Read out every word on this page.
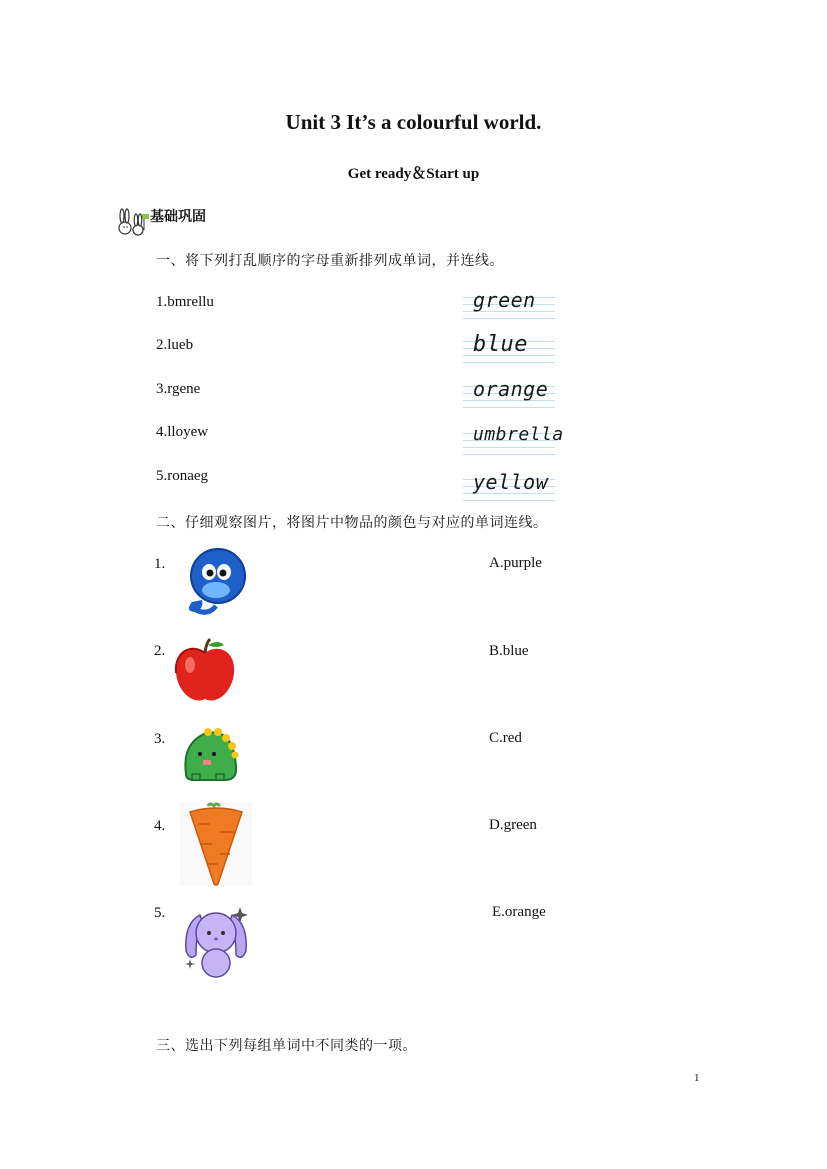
Unit 3 It’s a colourful world.
Get ready＆Start up
基础巩固
一、将下列打乱顺序的字母重新排列成单词，并连线。
1.bmrellu
2.lueb
3.rgene
4.lloyew
5.ronaeg
green
blue
orange
umbrella
yellow
二、仔细观察图片，将图片中物品的颜色与对应的单词连线。
1.
2.
3.
4.
5.
A.purple
B.blue
C.red
D.green
E.orange
三、选出下列每组单词中不同类的一项。
1
